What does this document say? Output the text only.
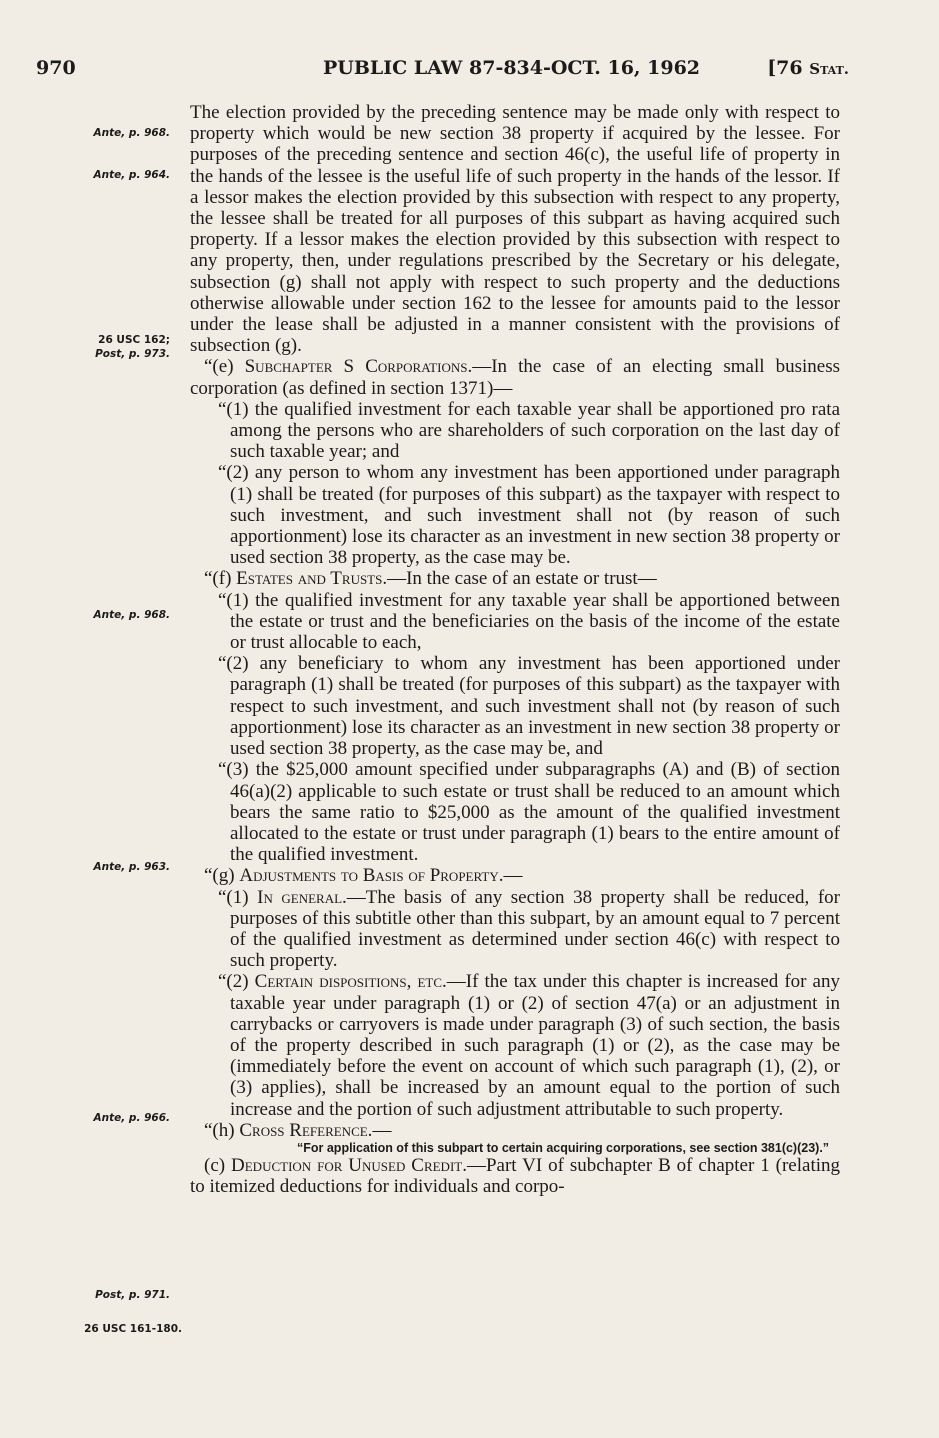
970	PUBLIC LAW 87-834-OCT. 16, 1962	[76 Stat.
Ante, p. 968.
Ante, p. 964.
26 USC 162;
Post, p. 973.
Ante, p. 968.
Ante, p. 963.
Ante, p. 966.
Post, p. 971.
26 USC 161-180.

The election provided by the preceding sentence may be made only with respect to property which would be new section 38 property if acquired by the lessee. For purposes of the preceding sentence and section 46(c), the useful life of property in the hands of the lessee is the useful life of such property in the hands of the lessor. If a lessor makes the election provided by this subsection with respect to any property, the lessee shall be treated for all purposes of this subpart as having acquired such property. If a lessor makes the election provided by this subsection with respect to any property, then, under regulations prescribed by the Secretary or his delegate, subsection (g) shall not apply with respect to such property and the deductions otherwise allowable under section 162 to the lessee for amounts paid to the lessor under the lease shall be adjusted in a manner consistent with the provisions of subsection (g).

“(e) Subchapter S Corporations.—In the case of an electing small business corporation (as defined in section 1371)—

“(1) the qualified investment for each taxable year shall be apportioned pro rata among the persons who are shareholders of such corporation on the last day of such taxable year; and

“(2) any person to whom any investment has been apportioned under paragraph (1) shall be treated (for purposes of this subpart) as the taxpayer with respect to such investment, and such investment shall not (by reason of such apportionment) lose its character as an investment in new section 38 property or used section 38 property, as the case may be.

“(f) Estates and Trusts.—In the case of an estate or trust—

“(1) the qualified investment for any taxable year shall be apportioned between the estate or trust and the beneficiaries on the basis of the income of the estate or trust allocable to each,

“(2) any beneficiary to whom any investment has been apportioned under paragraph (1) shall be treated (for purposes of this subpart) as the taxpayer with respect to such investment, and such investment shall not (by reason of such apportionment) lose its character as an investment in new section 38 property or used section 38 property, as the case may be, and

“(3) the $25,000 amount specified under subparagraphs (A) and (B) of section 46(a)(2) applicable to such estate or trust shall be reduced to an amount which bears the same ratio to $25,000 as the amount of the qualified investment allocated to the estate or trust under paragraph (1) bears to the entire amount of the qualified investment.

“(g) Adjustments to Basis of Property.—

“(1) In general.—The basis of any section 38 property shall be reduced, for purposes of this subtitle other than this subpart, by an amount equal to 7 percent of the qualified investment as determined under section 46(c) with respect to such property.

“(2) Certain dispositions, etc.—If the tax under this chapter is increased for any taxable year under paragraph (1) or (2) of section 47(a) or an adjustment in carrybacks or carryovers is made under paragraph (3) of such section, the basis of the property described in such paragraph (1) or (2), as the case may be (immediately before the event on account of which such paragraph (1), (2), or (3) applies), shall be increased by an amount equal to the portion of such increase and the portion of such adjustment attributable to such property.

“(h) Cross Reference.—

“For application of this subpart to certain acquiring corporations, see section 381(c)(23).”

(c) Deduction for Unused Credit.—Part VI of subchapter B of chapter 1 (relating to itemized deductions for individuals and corpo-
